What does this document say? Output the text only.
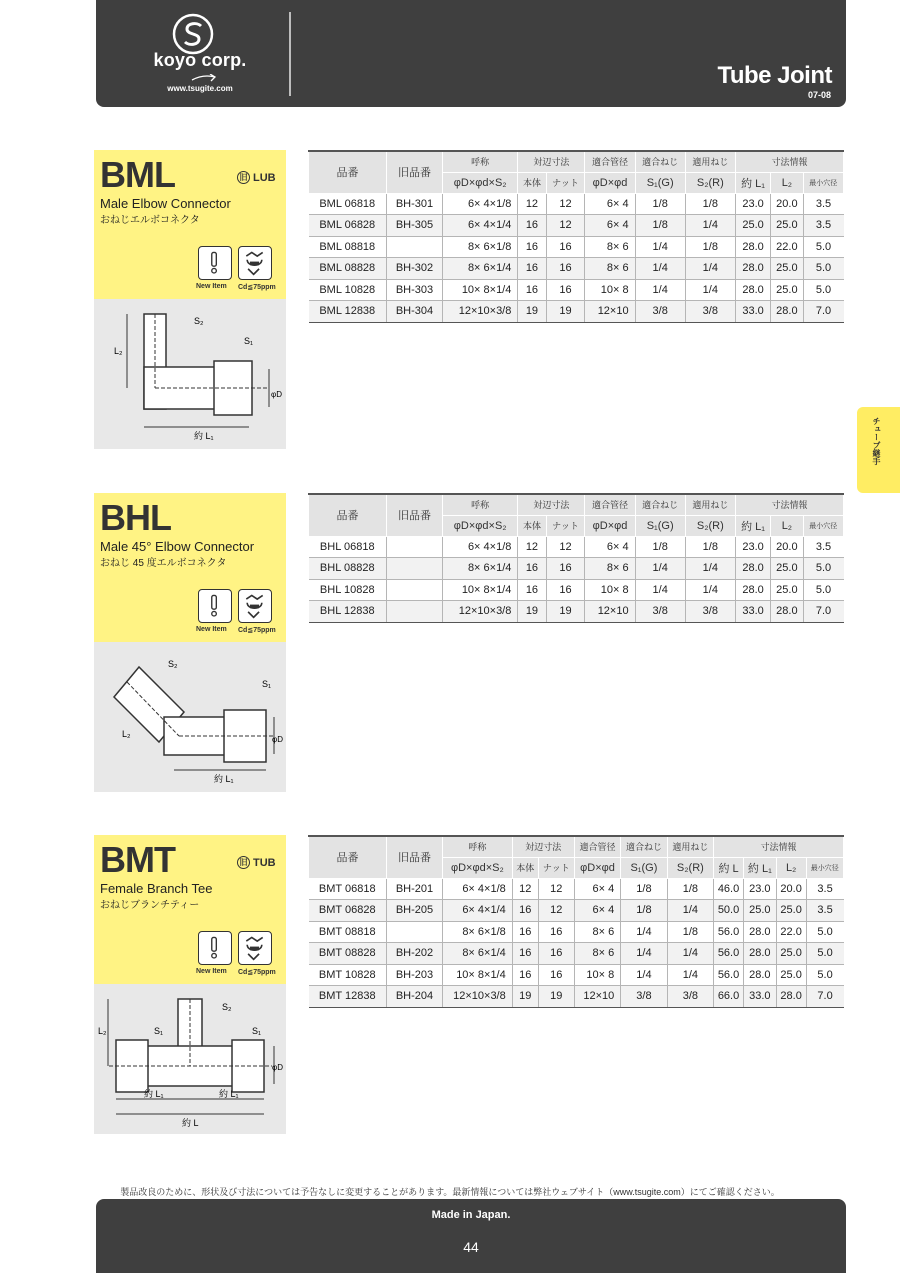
koyo corp.
www.tsugite.com	Tube Joint
07-08
チューブ継手
BML	旧 LUB
Male Elbow Connector
おねじエルボコネクタ
New Item Cd≦75ppm
S₂
S₁
L₂
約 L₁
φD
品番	旧品番	呼称	対辺寸法		適合管径	適合ねじ	適用ねじ	寸法情報		
		φD×φd×S₂	本体	ナット	φD×φd	S₁(G)	S₂(R)	約 L₁	L₂	最小穴径
BML 06818	BH-301	6× 4×1/8	12	12	6× 4	1/8	1/8	23.0	20.0	3.5
BML 06828	BH-305	6× 4×1/4	16	12	6× 4	1/8	1/4	25.0	25.0	3.5
BML 08818		8× 6×1/8	16	16	8× 6	1/4	1/8	28.0	22.0	5.0
BML 08828	BH-302	8× 6×1/4	16	16	8× 6	1/4	1/4	28.0	25.0	5.0
BML 10828	BH-303	10× 8×1/4	16	16	10× 8	1/4	1/4	28.0	25.0	5.0
BML 12838	BH-304	12×10×3/8	19	19	12×10	3/8	3/8	33.0	28.0	7.0
BHL
Male 45° Elbow Connector
おねじ 45 度エルボコネクタ
New Item Cd≦75ppm
S₂
S₁
L₂
約 L₁
φD
品番	旧品番	呼称	対辺寸法		適合管径	適合ねじ	適用ねじ	寸法情報		
		φD×φd×S₂	本体	ナット	φD×φd	S₁(G)	S₂(R)	約 L₁	L₂	最小穴径
BHL 06818		6× 4×1/8	12	12	6× 4	1/8	1/8	23.0	20.0	3.5
BHL 08828		8× 6×1/4	16	16	8× 6	1/4	1/4	28.0	25.0	5.0
BHL 10828		10× 8×1/4	16	16	10× 8	1/4	1/4	28.0	25.0	5.0
BHL 12838		12×10×3/8	19	19	12×10	3/8	3/8	33.0	28.0	7.0
BMT	旧 TUB
Female Branch Tee
おねじブランチティー
New Item Cd≦75ppm
S₂
S₁	S₁
L₂
約 L₁	約 L₁
約 L
φD
品番	旧品番	呼称	対辺寸法		適合管径	適合ねじ	適用ねじ	寸法情報			
		φD×φd×S₂	本体	ナット	φD×φd	S₁(G)	S₂(R)	約 L	約 L₁	L₂	最小穴径
BMT 06818	BH-201	6× 4×1/8	12	12	6× 4	1/8	1/8	46.0	23.0	20.0	3.5
BMT 06828	BH-205	6× 4×1/4	16	12	6× 4	1/8	1/4	50.0	25.0	25.0	3.5
BMT 08818		8× 6×1/8	16	16	8× 6	1/4	1/8	56.0	28.0	22.0	5.0
BMT 08828	BH-202	8× 6×1/4	16	16	8× 6	1/4	1/4	56.0	28.0	25.0	5.0
BMT 10828	BH-203	10× 8×1/4	16	16	10× 8	1/4	1/4	56.0	28.0	25.0	5.0
BMT 12838	BH-204	12×10×3/8	19	19	12×10	3/8	3/8	66.0	33.0	28.0	7.0
製品改良のために、形状及び寸法については予告なしに変更することがあります。最新情報については弊社ウェブサイト（www.tsugite.com）にてご確認ください。
Made in Japan.
44
